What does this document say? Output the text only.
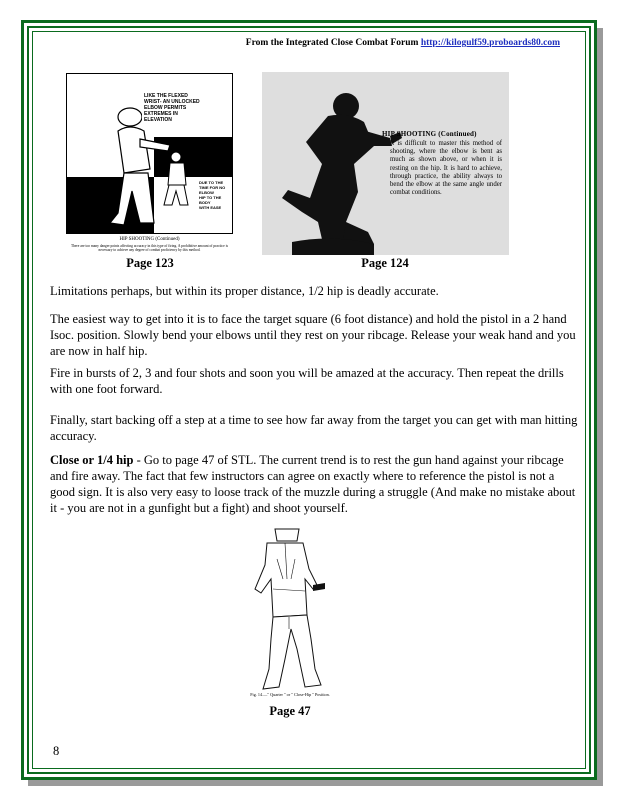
From the Integrated Close Combat Forum http://kilogulf59.proboards80.com
LIKE THE FLEXED
WRIST- AN UNLOCKED
ELBOW PERMITS
EXTREMES IN
ELEVATION
DUE TO THE
TIME FOR NO
ELBOW
HIP TO THE
BODY
WITH EASE
HIP SHOOTING (Continued)
There are too many danger points affecting accuracy in this type of firing. A prohibitive amount of practice is necessary to achieve any degree of combat proficiency by this method.
Page 123
HIP SHOOTING (Continued)
It is difficult to master this method of shooting, where the elbow is bent as much as shown above, or when it is resting on the hip. It is hard to achieve, through practice, the ability always to bend the elbow at the same angle under combat conditions.
Page 124
Limitations perhaps, but within its proper distance, 1/2 hip is deadly accurate.
The easiest way to get into it is to face the target square (6 foot distance) and hold the pistol in a 2 hand Isoc. position. Slowly bend your elbows until they rest on your ribcage. Release your weak hand and you are now in half hip.
Fire in bursts of 2, 3 and four shots and soon you will be amazed at the accuracy. Then repeat the drills with one foot forward.
Finally, start backing off a step at a time to see how far away from the target you can get with man hitting accuracy.
Close or 1/4 hip - Go to page 47 of STL. The current trend is to rest the gun hand against your ribcage and fire away. The fact that few instructors can agree on exactly where to reference the pistol is not a good sign. It is also very easy to loose track of the muzzle during a struggle (And make no mistake about it - you are not in a gunfight but a fight) and shoot yourself.
Fig. 14.—" Quarter " or " Close-Hip " Position.
Page 47
8
